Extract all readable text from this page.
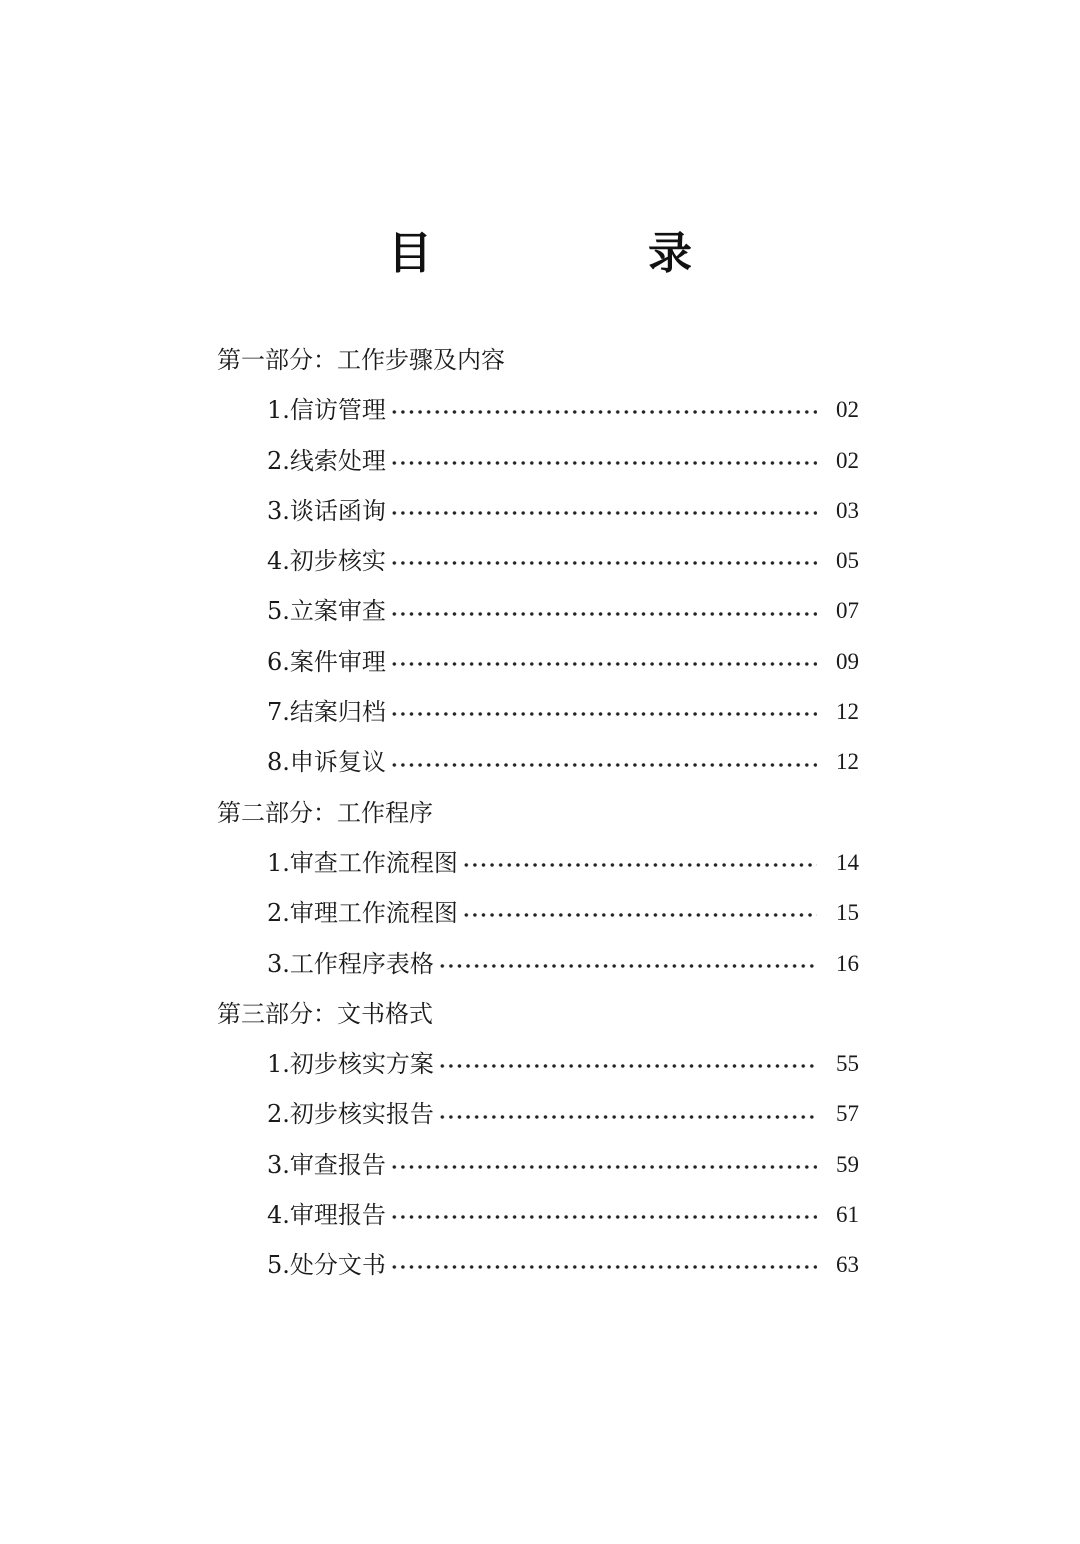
目　录
第一部分：工作步骤及内容
1. 信访管理	02
2. 线索处理	02
3. 谈话函询	03
4. 初步核实	05
5. 立案审查	07
6. 案件审理	09
7. 结案归档	12
8. 申诉复议	12
第二部分：工作程序
1. 审查工作流程图	14
2. 审理工作流程图	15
3. 工作程序表格	16
第三部分：文书格式
1. 初步核实方案	55
2. 初步核实报告	57
3. 审查报告	59
4. 审理报告	61
5. 处分文书	63
